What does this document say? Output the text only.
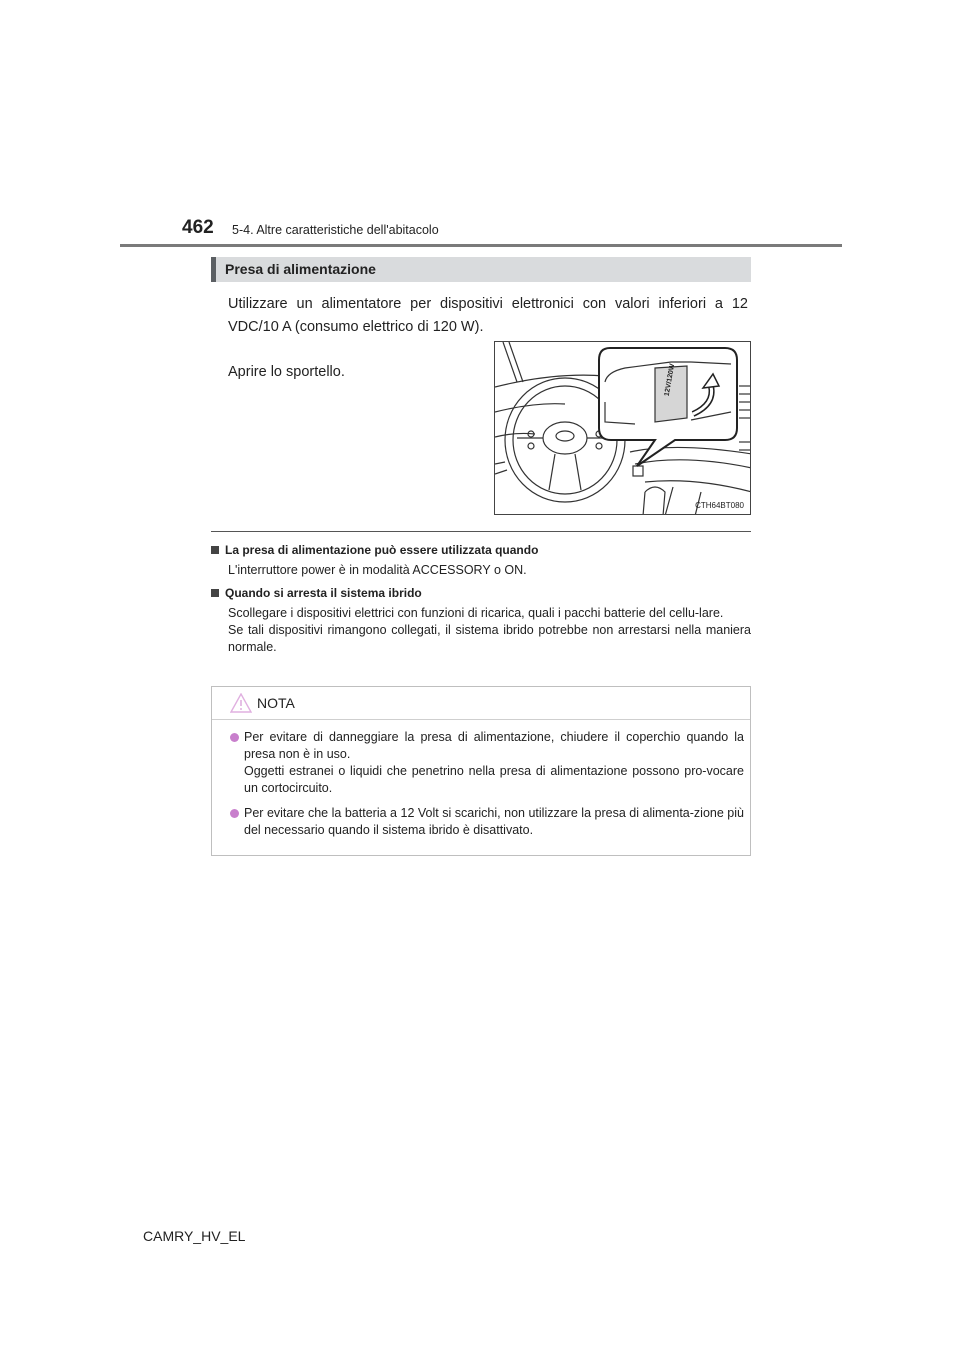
462 5-4. Altre caratteristiche dell'abitacolo
Presa di alimentazione
Utilizzare un alimentatore per dispositivi elettronici con valori inferiori a 12 VDC/10 A (consumo elettrico di 120 W).
Aprire lo sportello.	12V/120W
CTH64BT080
La presa di alimentazione può essere utilizzata quando

L'interruttore power è in modalità ACCESSORY o ON.

Quando si arresta il sistema ibrido

Scollegare i dispositivi elettrici con funzioni di ricarica, quali i pacchi batterie del cellu-lare.

Se tali dispositivi rimangono collegati, il sistema ibrido potrebbe non arrestarsi nella maniera normale.

NOTA

Per evitare di danneggiare la presa di alimentazione, chiudere il coperchio quando la presa non è in uso.

Oggetti estranei o liquidi che penetrino nella presa di alimentazione possono pro-vocare un cortocircuito.

Per evitare che la batteria a 12 Volt si scarichi, non utilizzare la presa di alimenta-zione più del necessario quando il sistema ibrido è disattivato.

CAMRY_HV_EL
